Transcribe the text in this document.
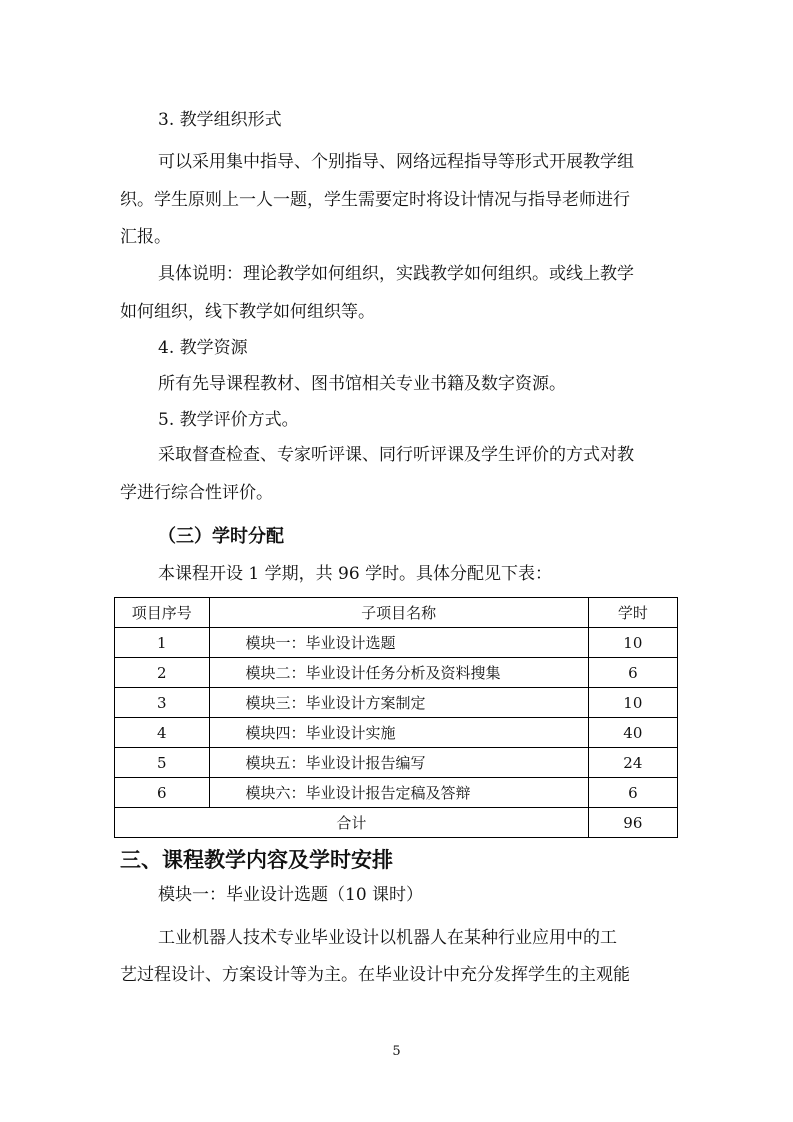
3. 教学组织形式
可以采用集中指导、个别指导、网络远程指导等形式开展教学组
织。学生原则上一人一题，学生需要定时将设计情况与指导老师进行
汇报。
具体说明：理论教学如何组织，实践教学如何组织。或线上教学
如何组织，线下教学如何组织等。
4. 教学资源
所有先导课程教材、图书馆相关专业书籍及数字资源。
5. 教学评价方式。
采取督查检查、专家听评课、同行听评课及学生评价的方式对教
学进行综合性评价。
（三）学时分配
本课程开设 1 学期，共 96 学时。具体分配见下表：
项目序号	子项目名称	学时
1	模块一：毕业设计选题	10
2	模块二：毕业设计任务分析及资料搜集	6
3	模块三：毕业设计方案制定	10
4	模块四：毕业设计实施	40
5	模块五：毕业设计报告编写	24
6	模块六：毕业设计报告定稿及答辩	6
合计		96
三、课程教学内容及学时安排
模块一：毕业设计选题（10 课时）
工业机器人技术专业毕业设计以机器人在某种行业应用中的工
艺过程设计、方案设计等为主。在毕业设计中充分发挥学生的主观能
5
